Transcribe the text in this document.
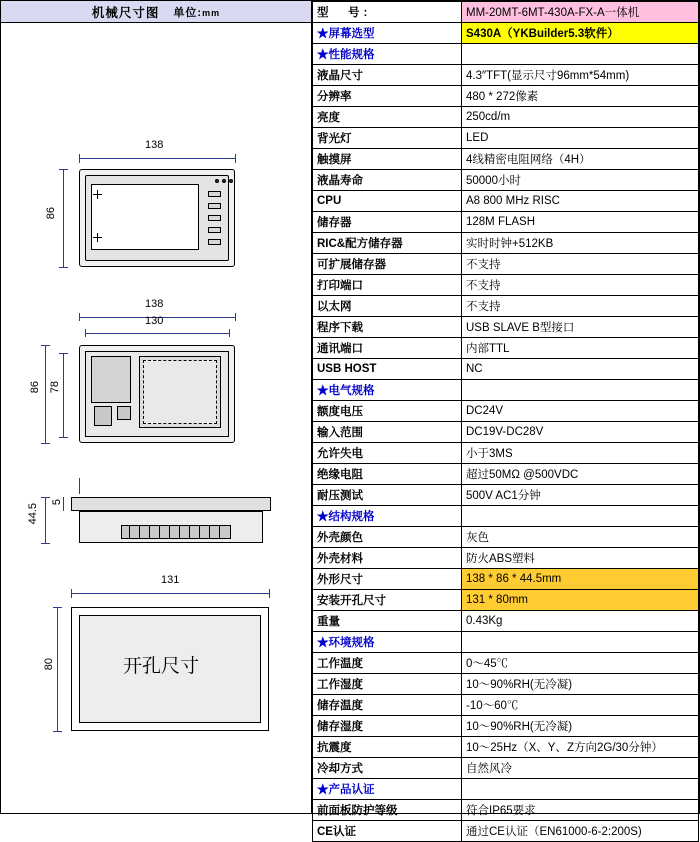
机械尺寸图 单位:mm
138
86
138
130
86 78
44.5
5
131
80	开孔尺寸
型　号:	MM-20MT-6MT-430A-FX-A一体机
★屏幕选型	S430A（YKBuilder5.3软件）
★性能规格	
液晶尺寸	4.3″TFT(显示尺寸96mm*54mm)
分辨率	480 * 272像素
亮度	250cd/m
背光灯	LED
触摸屏	4线精密电阻网络（4H）
液晶寿命	50000小时
CPU	A8 800 MHz RISC
储存器	128M FLASH
RIC&配方储存器	实时时钟+512KB
可扩展储存器	不支持
打印端口	不支持
以太网	不支持
程序下载	USB SLAVE B型接口
通讯端口	内部TTL
USB HOST	NC
★电气规格	
额度电压	DC24V
输入范围	DC19V-DC28V
允许失电	小于3MS
绝缘电阻	超过50MΩ @500VDC
耐压测试	500V AC1分钟
★结构规格	
外壳颜色	灰色
外壳材料	防火ABS塑料
外形尺寸	138 * 86 * 44.5mm
安装开孔尺寸	131 * 80mm
重量	0.43Kg
★环境规格	
工作温度	0～45℃
工作湿度	10～90%RH(无冷凝)
储存温度	-10～60℃
储存湿度	10～90%RH(无冷凝)
抗震度	10～25Hz（X、Y、Z方向2G/30分钟）
冷却方式	自然风冷
★产品认证	
前面板防护等级	符合IP65要求
CE认证	通过CE认证（EN61000-6-2:200S)
